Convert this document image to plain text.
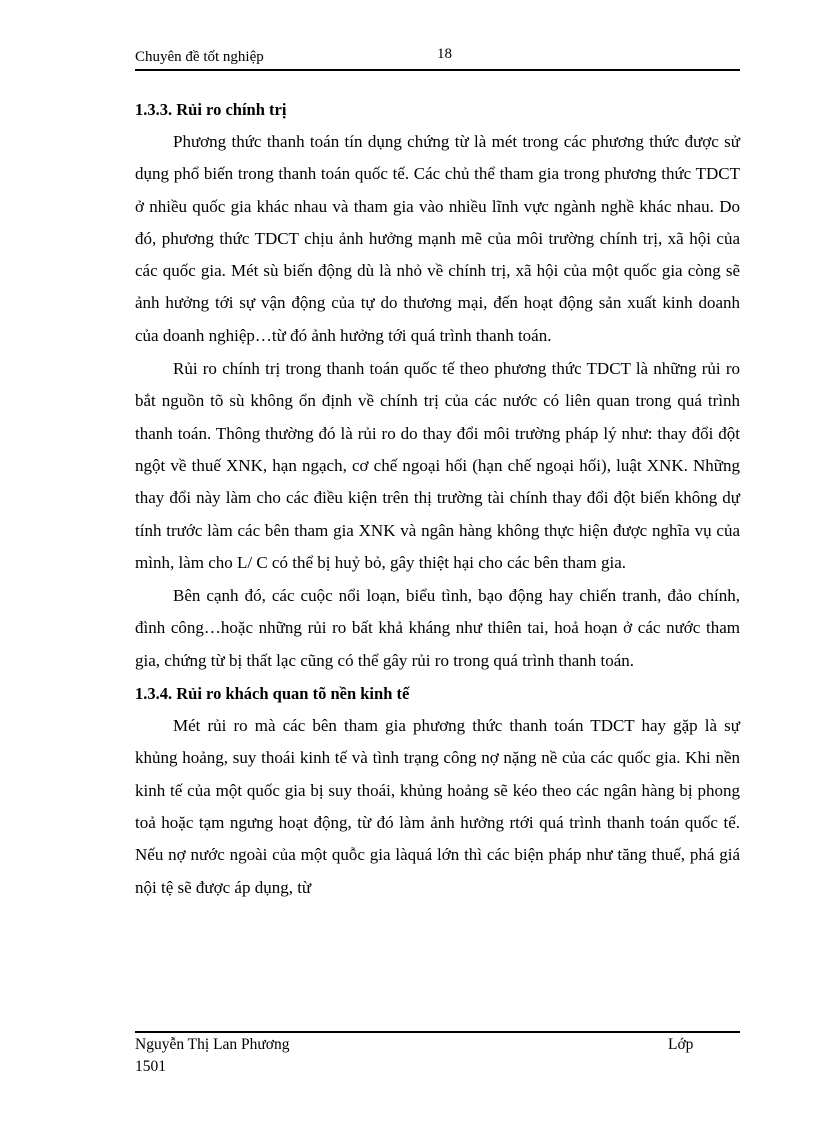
Chuyên đề tốt nghiệp	18

1.3.3. Rủi ro chính trị

Phương thức thanh toán tín dụng chứng từ là mét trong các phương thức được sử dụng phổ biến trong thanh toán quốc tế. Các chủ thể tham gia trong phương thức TDCT ở nhiều quốc gia khác nhau và tham gia vào nhiều lĩnh vực ngành nghề khác nhau. Do đó, phương thức TDCT chịu ảnh hưởng mạnh mẽ của môi trường chính trị, xã hội của các quốc gia. Mét sù biến động dù là nhỏ về chính trị, xã hội của một quốc gia còng sẽ ảnh hưởng tới sự vận động của tự do thương mại, đến hoạt động sản xuất kinh doanh của doanh nghiệp…từ đó ảnh hưởng tới quá trình thanh toán.

Rủi ro chính trị trong thanh toán quốc tế theo phương thức TDCT là những rủi ro bắt nguồn tõ sù không ổn định về chính trị của các nước có liên quan trong quá trình thanh toán. Thông thường đó là rủi ro do thay đổi môi trường pháp lý như: thay đổi đột ngột về thuế XNK, hạn ngạch, cơ chế ngoại hối (hạn chế ngoại hối), luật XNK. Những thay đổi này làm cho các điều kiện trên thị trường tài chính thay đổi đột biến không dự tính trước làm các bên tham gia XNK và ngân hàng không thực hiện được nghĩa vụ của mình, làm cho L/ C có thể bị huỷ bỏ, gây thiệt hại cho các bên tham gia.

Bên cạnh đó, các cuộc nổi loạn, biểu tình, bạo động hay chiến tranh, đảo chính, đình công…hoặc những rủi ro bất khả kháng như thiên tai, hoả hoạn ở các nước tham gia, chứng từ bị thất lạc cũng có thể gây rủi ro trong quá trình thanh toán.

1.3.4. Rủi ro khách quan tõ nền kinh tế

Mét rủi ro mà các bên tham gia phương thức thanh toán TDCT hay gặp là sự khủng hoảng, suy thoái kinh tế và tình trạng công nợ nặng nề của các quốc gia. Khi nền kinh tế của một quốc gia bị suy thoái, khủng hoảng sẽ kéo theo các ngân hàng bị phong toả hoặc tạm ngưng hoạt động, từ đó làm ảnh hưởng rtới quá trình thanh toán quốc tế. Nếu nợ nước ngoài của một quỗc gia làquá lớn thì các biện pháp như tăng thuế, phá giá nội tệ sẽ được áp dụng, từ

Nguyễn Thị Lan Phương	Lớp
1501
